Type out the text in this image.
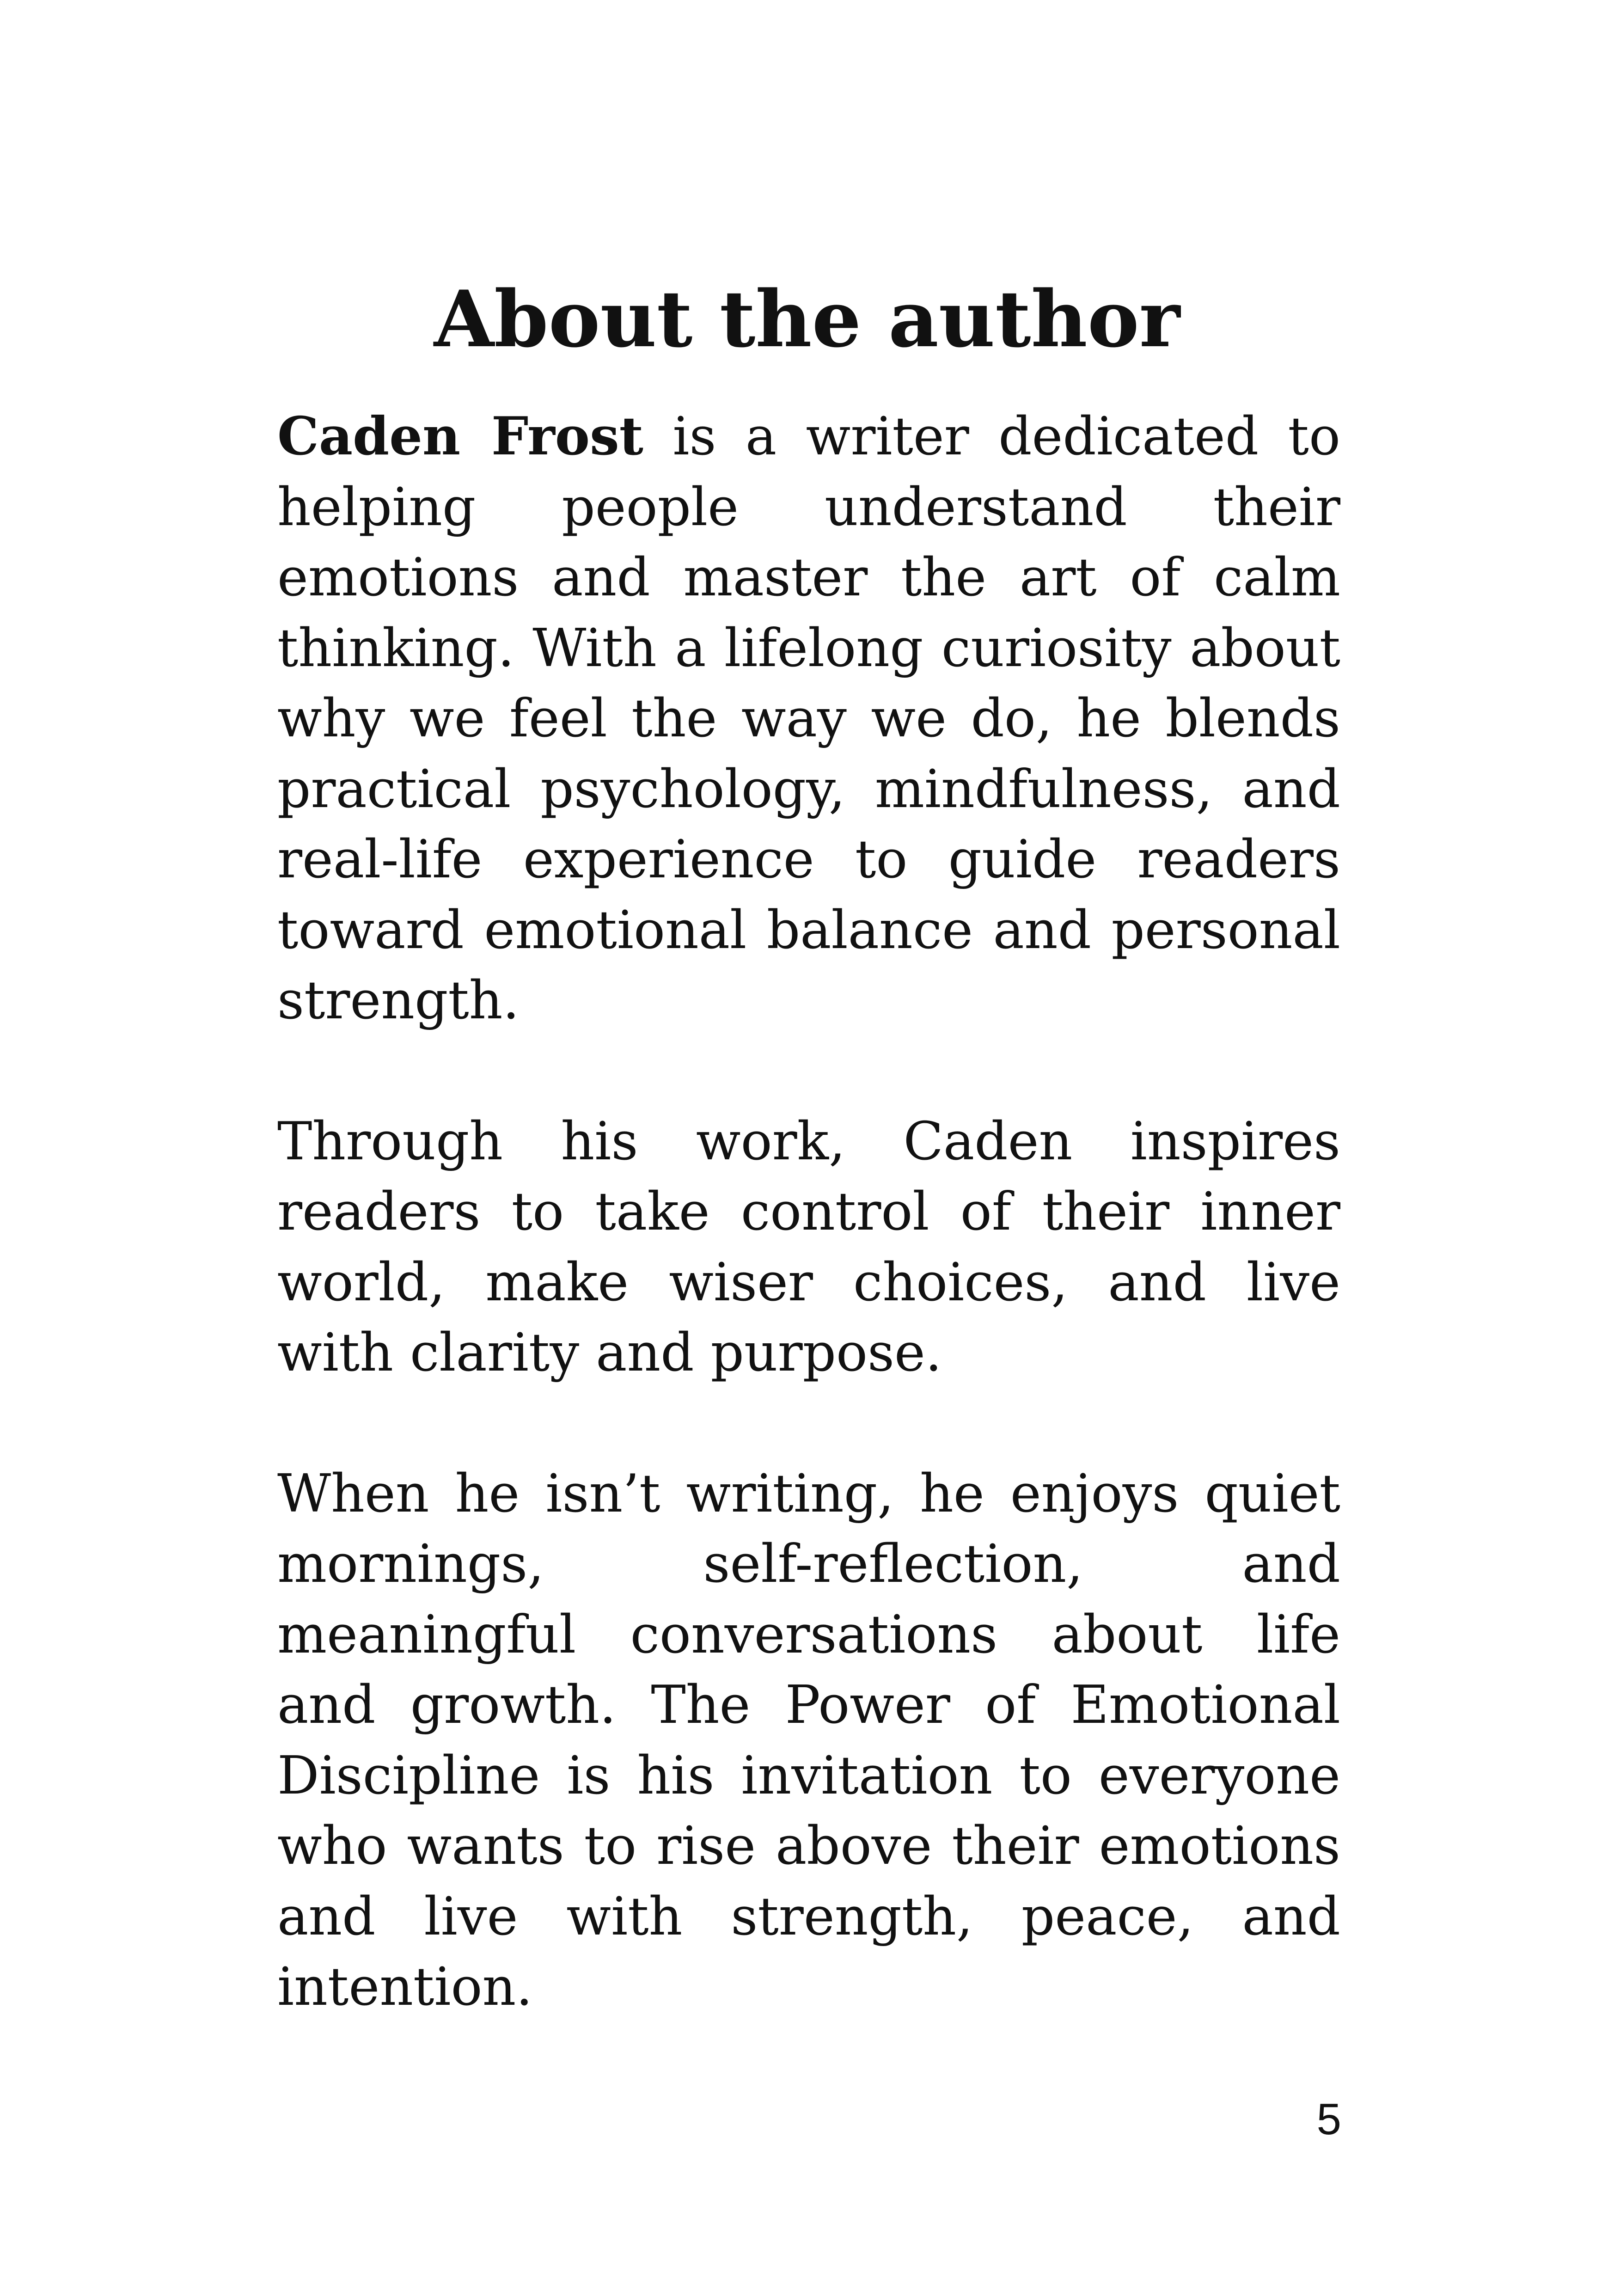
About the author

Caden Frost is a writer dedicated to helping people understand their emotions and master the art of calm thinking. With a lifelong curiosity about why we feel the way we do, he blends practical psychology, mindfulness, and real-life experience to guide readers toward emotional balance and personal strength.

Through his work, Caden inspires readers to take control of their inner world, make wiser choices, and live with clarity and purpose.

When he isn’t writing, he enjoys quiet mornings, self-reflection, and meaningful conversations about life and growth. The Power of Emotional Discipline is his invitation to everyone who wants to rise above their emotions and live with strength, peace, and intention.

5
